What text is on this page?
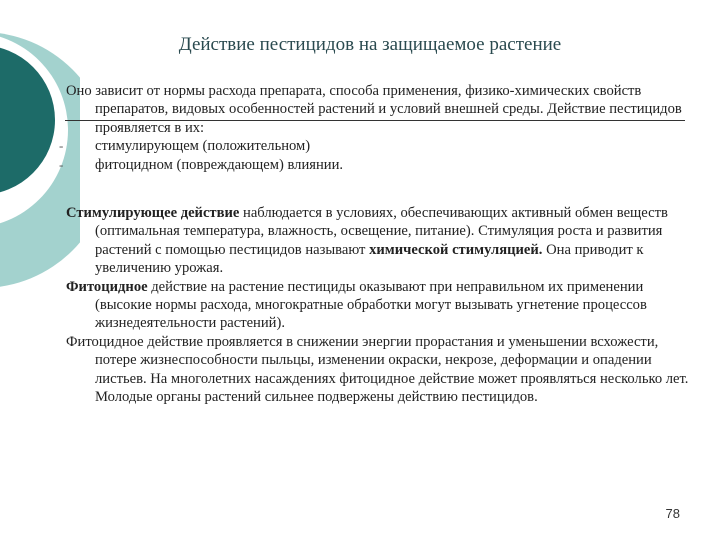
Действие пестицидов на защищаемое растение

Оно зависит от нормы расхода препарата, способа применения, физико-химических свойств препаратов, видовых особенностей растений и условий внешней среды. Действие пестицидов проявляется в их:

- стимулирующем (положительном)
- фитоцидном (повреждающем) влиянии.

Стимулирующее действие наблюдается в условиях, обеспечивающих активный обмен веществ (оптимальная температура, влажность, освещение, питание). Стимуляция роста и развития растений с помощью пестицидов называют химической стимуляцией. Она приводит к увеличению урожая.

Фитоцидное действие на растение пестициды оказывают при неправильном их применении (высокие нормы расхода, многократные обработки могут вызывать угнетение процессов жизнедеятельности растений).

Фитоцидное действие проявляется в снижении энергии прорастания и уменьшении всхожести, потере жизнеспособности пыльцы, изменении окраски, некрозе, деформации и опадении листьев. На многолетних насаждениях фитоцидное действие может проявляться несколько лет. Молодые органы растений сильнее подвержены действию пестицидов.

78
